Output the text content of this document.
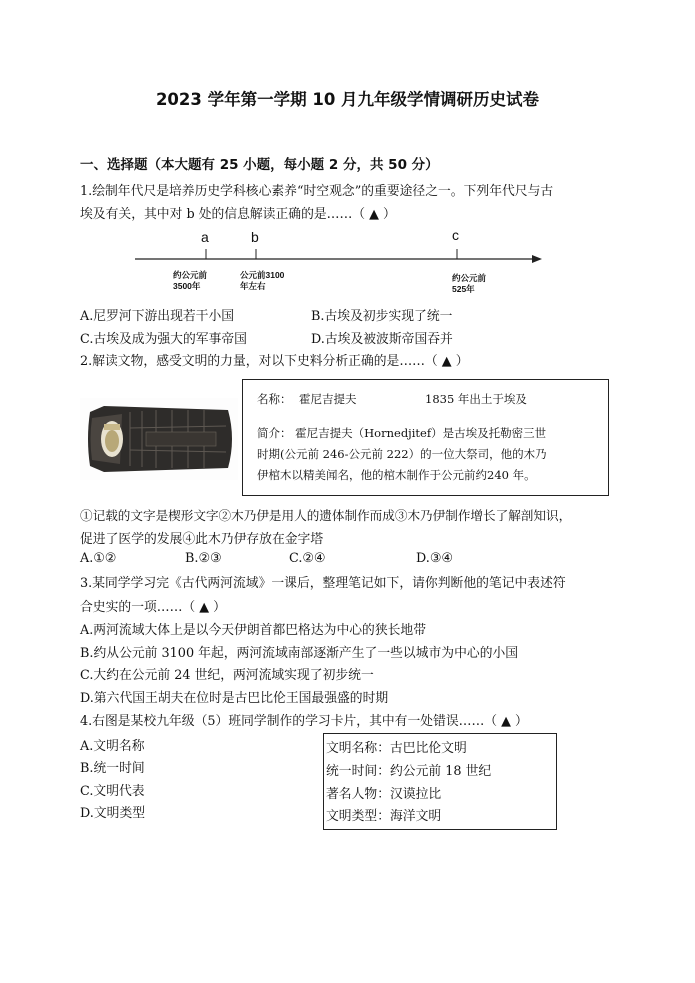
2023 学年第一学期 10 月九年级学情调研历史试卷
一、选择题（本大题有 25 小题，每小题 2 分，共 50 分）
1.绘制年代尺是培养历史学科核心素养“时空观念”的重要途径之一。下列年代尺与古
埃及有关，其中对 b 处的信息解读正确的是……（ ▲ ）
a	b	c
约公元前
3500年
公元前3100
年左右
约公元前
525年
A.尼罗河下游出现若干小国	B.古埃及初步实现了统一
C.古埃及成为强大的军事帝国	D.古埃及被波斯帝国吞并
2.解读文物，感受文明的力量，对以下史料分析正确的是……（ ▲ ）
名称： 霍尼吉提夫	1835 年出土于埃及
简介： 霍尼吉提夫（Hornedjitef）是古埃及托勒密三世
时期(公元前 246-公元前 222）的一位大祭司，他的木乃
伊棺木以精美闻名，他的棺木制作于公元前约240 年。
①记载的文字是楔形文字②木乃伊是用人的遗体制作而成③木乃伊制作增长了解剖知识，
促进了医学的发展④此木乃伊存放在金字塔
A.①②	B.②③	C.②④	D.③④
3.某同学学习完《古代两河流域》一课后，整理笔记如下，请你判断他的笔记中表述符
合史实的一项……（ ▲ ）
A.两河流域大体上是以今天伊朗首都巴格达为中心的狭长地带
B.约从公元前 3100 年起，两河流域南部逐渐产生了一些以城市为中心的小国
C.大约在公元前 24 世纪，两河流域实现了初步统一
D.第六代国王胡夫在位时是古巴比伦王国最强盛的时期
4.右图是某校九年级（5）班同学制作的学习卡片，其中有一处错误……（ ▲ ）
A.文明名称
B.统一时间
C.文明代表
D.文明类型
文明名称：古巴比伦文明
统一时间：约公元前 18 世纪
著名人物：汉谟拉比
文明类型：海洋文明
